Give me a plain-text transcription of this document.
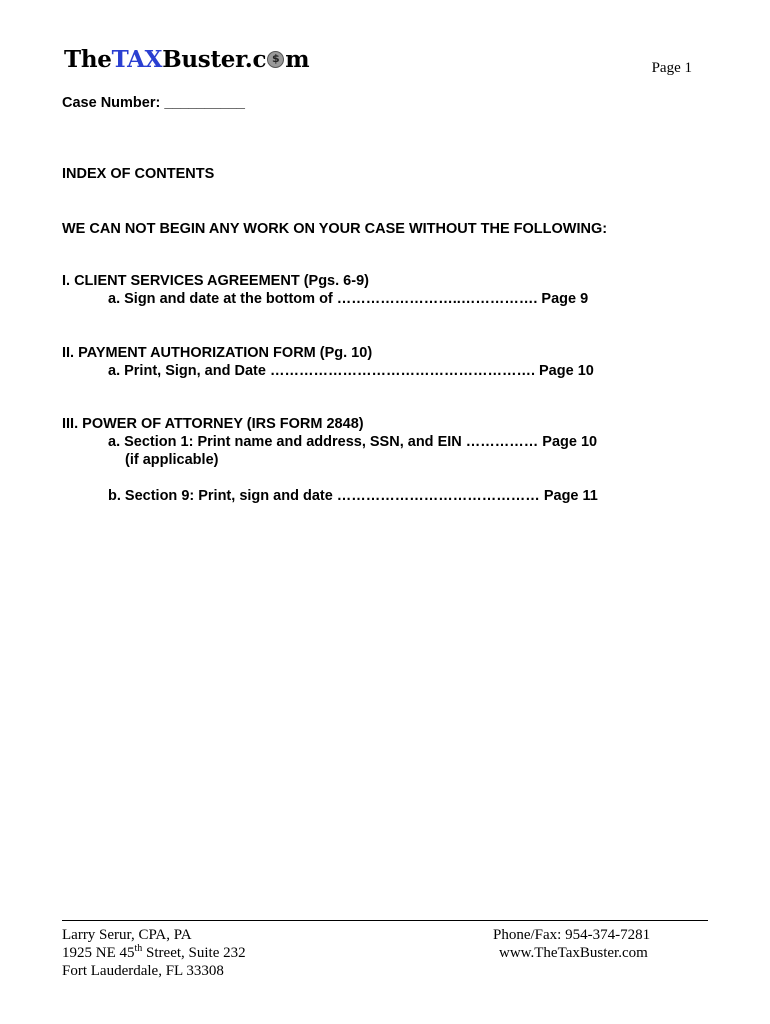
TheTAXBuster.c$ m	Page 1
Case Number: __________
INDEX OF CONTENTS
WE CAN NOT BEGIN ANY WORK ON YOUR CASE WITHOUT THE FOLLOWING:
I. CLIENT SERVICES AGREEMENT (Pgs. 6-9)
a. Sign and date at the bottom of ……………………..……………. Page 9
II. PAYMENT AUTHORIZATION FORM (Pg. 10)
a. Print, Sign, and Date ………………………………………………. Page 10
III. POWER OF ATTORNEY (IRS FORM 2848)
a. Section 1: Print name and address, SSN, and EIN …………… Page 10
(if applicable)
b. Section 9: Print, sign and date …………………………………… Page 11
Larry Serur, CPA, PA
1925 NE 45th Street, Suite 232
Fort Lauderdale, FL 33308
Phone/Fax: 954-374-7281
www.TheTaxBuster.com
